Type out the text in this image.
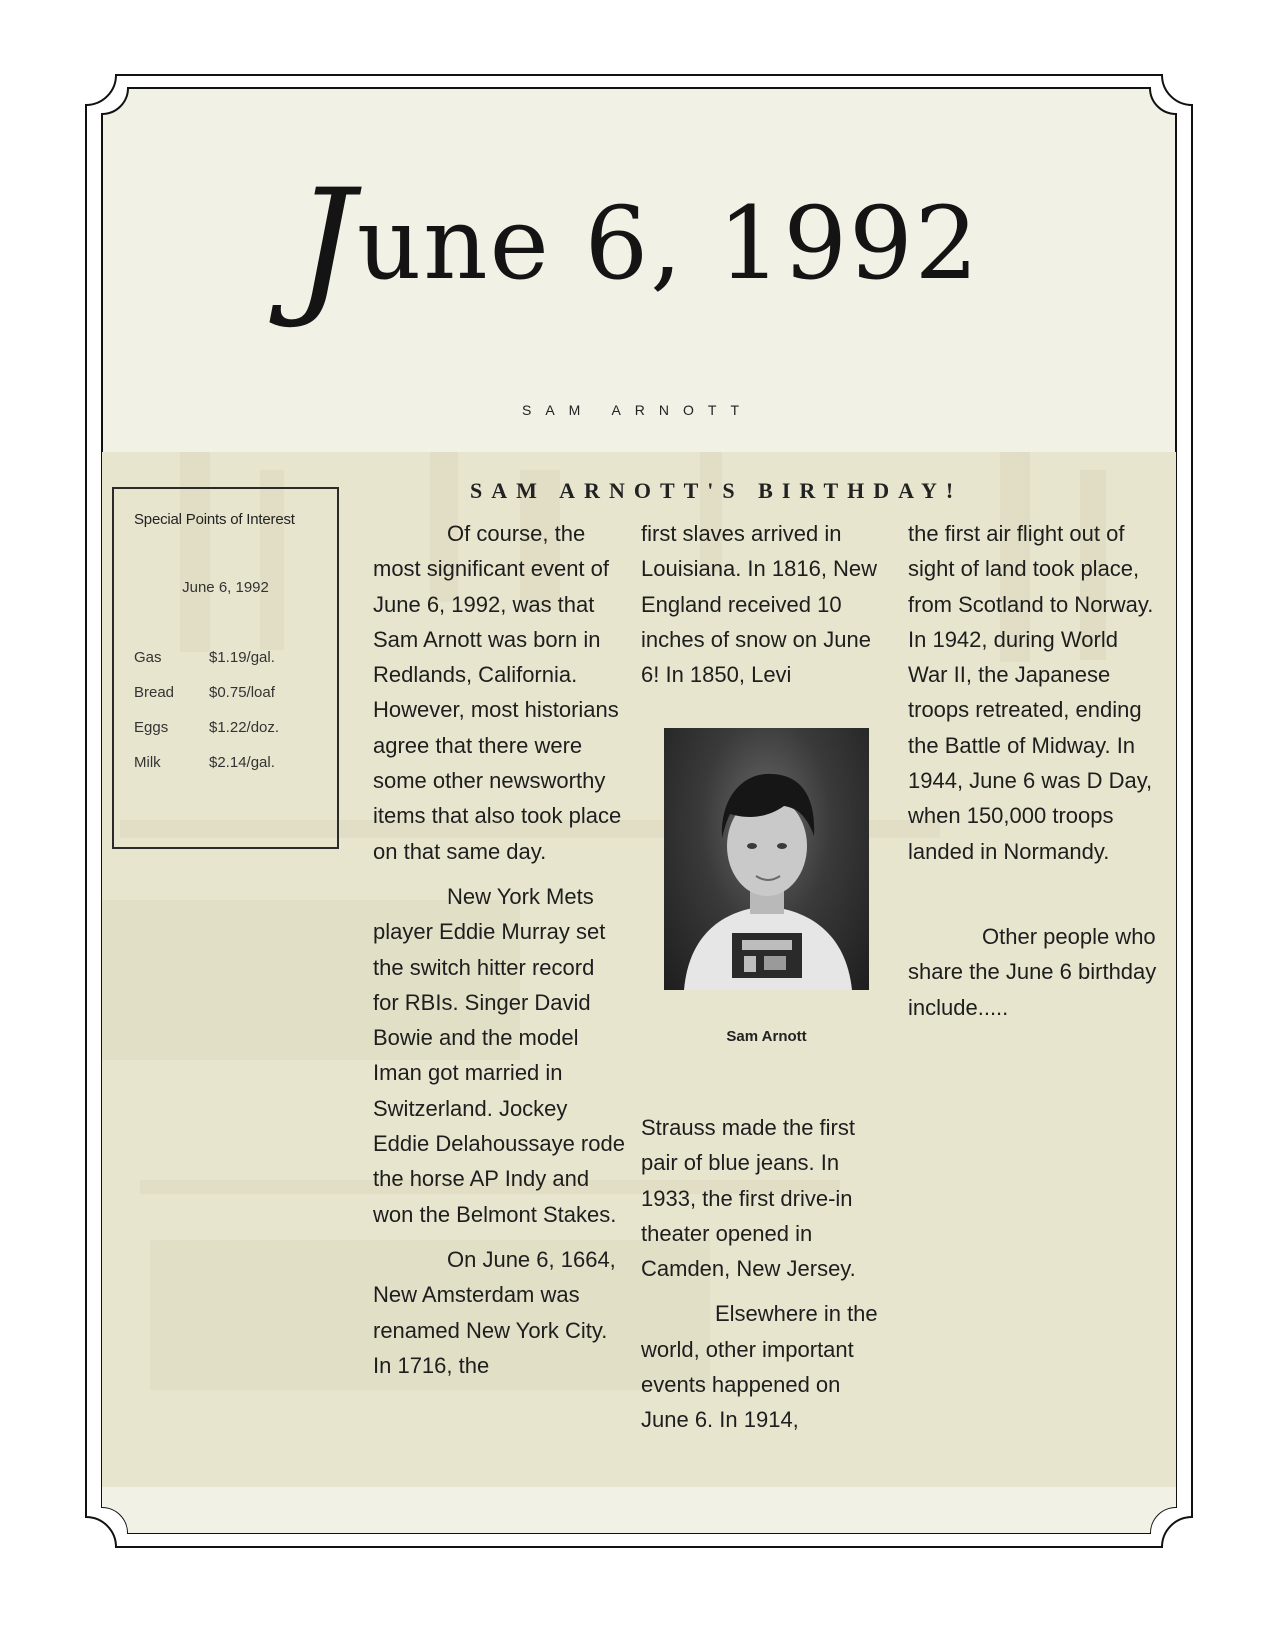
June 6, 1992
SAM ARNOTT
Special Points of Interest
June 6, 1992
Gas	$1.19/gal.
Bread $0.75/loaf
Eggs	$1.22/doz.
Milk	$2.14/gal.
SAM ARNOTT'S BIRTHDAY!

Of course, the most significant event of June 6, 1992, was that Sam Arnott was born in Redlands, California. However, most historians agree that there were some other newsworthy items that also took place on that same day.

New York Mets player Eddie Murray set the switch hitter record for RBIs. Singer David Bowie and the model Iman got married in Switzerland. Jockey Eddie Delahoussaye rode the horse AP Indy and won the Belmont Stakes.

On June 6, 1664, New Amsterdam was renamed New York City. In 1716, the

first slaves arrived in Louisiana. In 1816, New England received 10 inches of snow on June 6! In 1850, Levi

Sam Arnott

Strauss made the first pair of blue jeans. In 1933, the first drive-in theater opened in Camden, New Jersey.

Elsewhere in the world, other important events happened on June 6. In 1914,

the first air flight out of sight of land took place, from Scotland to Norway. In 1942, during World War II, the Japanese troops retreated, ending the Battle of Midway. In 1944, June 6 was D Day, when 150,000 troops landed in Normandy.

Other people who share the June 6 birthday include.....
